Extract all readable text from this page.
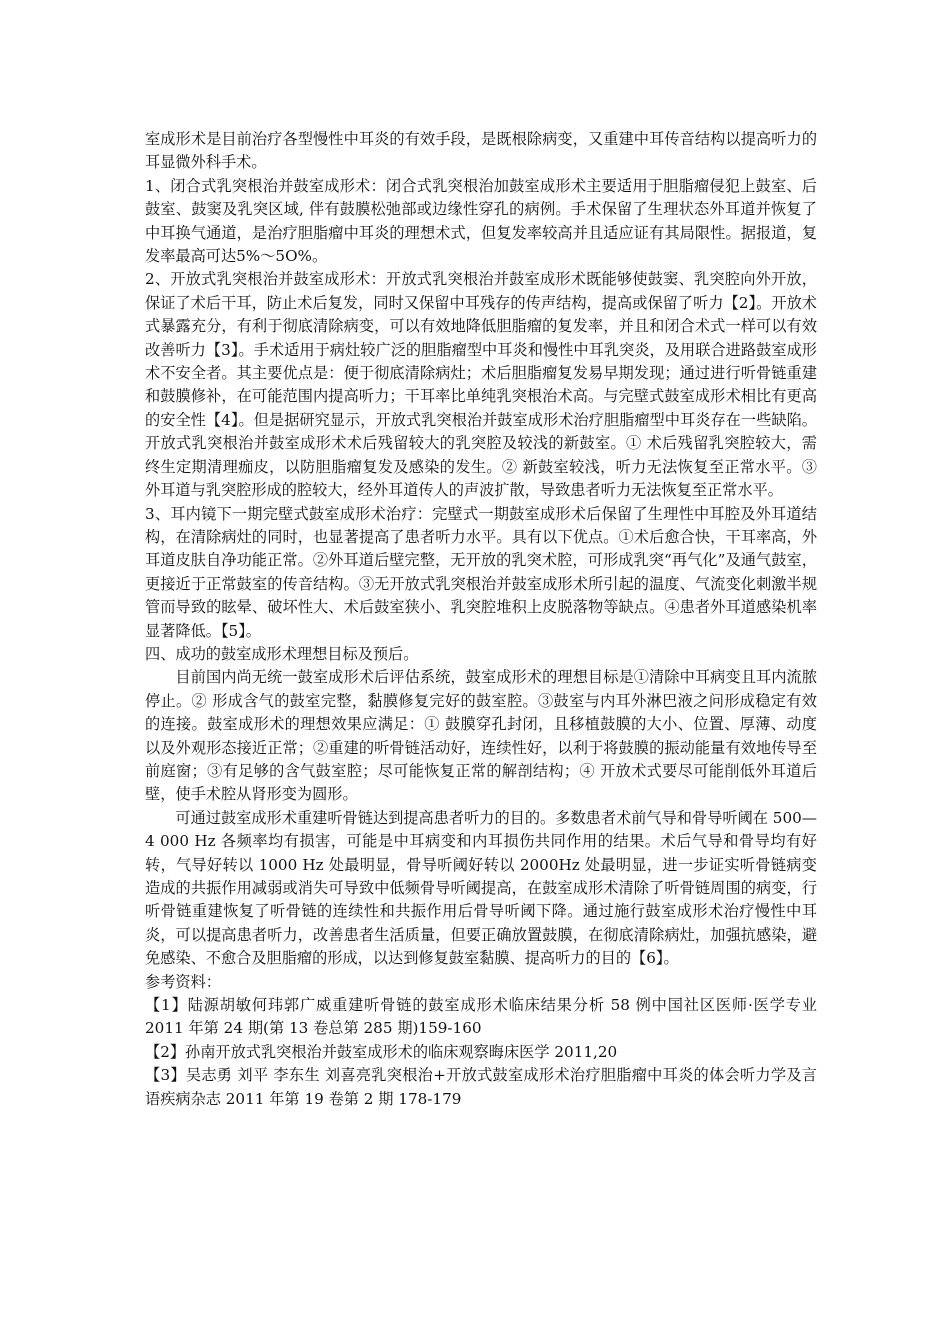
室成形术是目前治疗各型慢性中耳炎的有效手段，是既根除病变，又重建中耳传音结构以提高听力的耳显微外科手术。

1、闭合式乳突根治并鼓室成形术：闭合式乳突根治加鼓室成形术主要适用于胆脂瘤侵犯上鼓室、后鼓室、鼓窦及乳突区域, 伴有鼓膜松弛部或边缘性穿孔的病例。手术保留了生理状态外耳道并恢复了中耳换气通道，是治疗胆脂瘤中耳炎的理想术式，但复发率较高并且适应证有其局限性。据报道，复发率最高可达5%～5O%。

2、开放式乳突根治并鼓室成形术：开放式乳突根治并鼓室成形术既能够使鼓窦、乳突腔向外开放，保证了术后干耳，防止术后复发，同时又保留中耳残存的传声结构，提高或保留了听力【2】。开放术式暴露充分，有利于彻底清除病变，可以有效地降低胆脂瘤的复发率，并且和闭合术式一样可以有效改善听力【3】。手术适用于病灶较广泛的胆脂瘤型中耳炎和慢性中耳乳突炎，及用联合进路鼓室成形术不安全者。其主要优点是：便于彻底清除病灶；术后胆脂瘤复发易早期发现；通过进行听骨链重建和鼓膜修补，在可能范围内提高听力；干耳率比单纯乳突根治术高。与完壁式鼓室成形术相比有更高的安全性【4】。但是据研究显示，开放式乳突根治并鼓室成形术治疗胆脂瘤型中耳炎存在一些缺陷。开放式乳突根治并鼓室成形术术后残留较大的乳突腔及较浅的新鼓室。① 术后残留乳突腔较大，需终生定期清理痂皮，以防胆脂瘤复发及感染的发生。② 新鼓室较浅，听力无法恢复至正常水平。③外耳道与乳突腔形成的腔较大，经外耳道传人的声波扩散，导致患者听力无法恢复至正常水平。

3、耳内镜下一期完壁式鼓室成形术治疗：完壁式一期鼓室成形术后保留了生理性中耳腔及外耳道结构，在清除病灶的同时，也显著提高了患者听力水平。具有以下优点。①术后愈合快，干耳率高，外耳道皮肤自净功能正常。②外耳道后壁完整，无开放的乳突术腔，可形成乳突“再气化”及通气鼓室，更接近于正常鼓室的传音结构。③无开放式乳突根治并鼓室成形术所引起的温度、气流变化刺激半规管而导致的眩晕、破坏性大、术后鼓室狭小、乳突腔堆积上皮脱落物等缺点。④患者外耳道感染机率显著降低。【5】。

四、成功的鼓室成形术理想目标及预后。

目前国内尚无统一鼓室成形术后评估系统，鼓室成形术的理想目标是①清除中耳病变且耳内流脓停止。② 形成含气的鼓室完整，黏膜修复完好的鼓室腔。③鼓室与内耳外淋巴液之问形成稳定有效的连接。鼓室成形术的理想效果应满足：① 鼓膜穿孔封闭，且移植鼓膜的大小、位置、厚薄、动度以及外观形态接近正常；②重建的听骨链活动好，连续性好，以利于将鼓膜的振动能量有效地传导至前庭窗；③有足够的含气鼓室腔；尽可能恢复正常的解剖结构；④ 开放术式要尽可能削低外耳道后壁，使手术腔从肾形变为圆形。

可通过鼓室成形术重建听骨链达到提高患者听力的目的。多数患者术前气导和骨导听阈在 500—4 000 Hz 各频率均有损害，可能是中耳病变和内耳损伤共同作用的结果。术后气导和骨导均有好转，气导好转以 1000 Hz 处最明显，骨导听阈好转以 2000Hz 处最明显，进一步证实听骨链病变造成的共振作用减弱或消失可导致中低频骨导听阈提高，在鼓室成形术清除了听骨链周围的病变，行听骨链重建恢复了听骨链的连续性和共振作用后骨导听阈下降。通过施行鼓室成形术治疗慢性中耳炎，可以提高患者听力，改善患者生活质量，但要正确放置鼓膜，在彻底清除病灶，加强抗感染，避免感染、不愈合及胆脂瘤的形成，以达到修复鼓室黏膜、提高听力的目的【6】。

参考资料：

【1】陆源胡敏何玮郭广威重建听骨链的鼓室成形术临床结果分析 58 例中国社区医师·医学专业 2011 年第 24 期(第 13 卷总第 285 期)159-160

【2】孙南开放式乳突根治并鼓室成形术的临床观察晦床医学 2011,20

【3】吴志勇 刘平 李东生 刘喜亮乳突根治+开放式鼓室成形术治疗胆脂瘤中耳炎的体会听力学及言语疾病杂志 2011 年第 19 卷第 2 期 178-179
